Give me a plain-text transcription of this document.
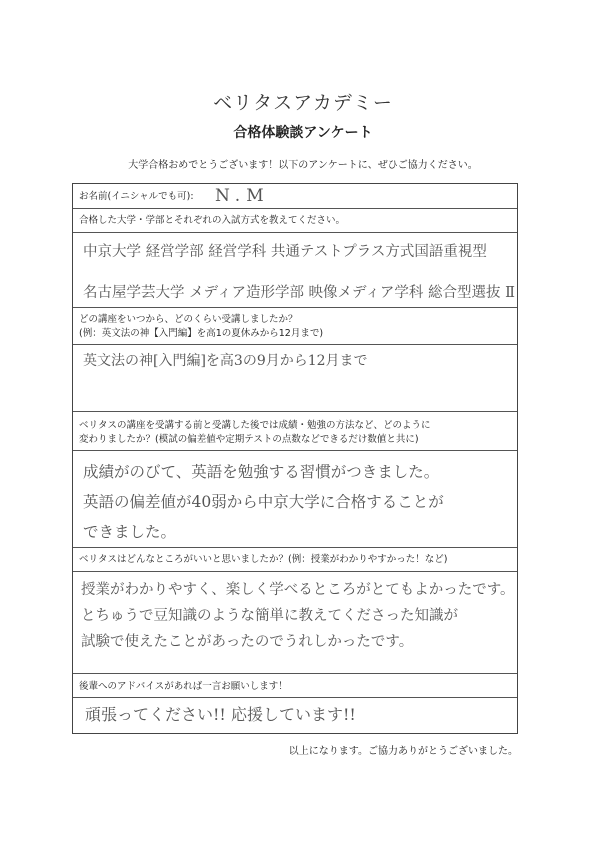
ベリタスアカデミー
合格体験談アンケート
大学合格おめでとうございます！以下のアンケートに、ぜひご協力ください。
お名前(イニシャルでも可): N.M
合格した大学・学部とそれぞれの入試方式を教えてください。
中京大学 経営学部 経営学科 共通テストプラス方式国語重視型
名古屋学芸大学 メディア造形学部 映像メディア学科 総合型選抜 Ⅱ
どの講座をいつから、どのくらい受講しましたか？
(例：英文法の神【入門編】を高1の夏休みから12月まで)
英文法の神[入門編]を高3の9月から12月まで
ベリタスの講座を受講する前と受講した後では成績・勉強の方法など、どのように
変わりましたか？(模試の偏差値や定期テストの点数などできるだけ数値と共に)
成績がのびて、英語を勉強する習慣がつきました。
英語の偏差値が40弱から中京大学に合格することが
できました。
ベリタスはどんなところがいいと思いましたか？(例：授業がわかりやすかった！など)
授業がわかりやすく、楽しく学べるところがとてもよかったです。
とちゅうで豆知識のような簡単に教えてくださった知識が
試験で使えたことがあったのでうれしかったです。
後輩へのアドバイスがあれば一言お願いします！
頑張ってください!! 応援しています!!
以上になります。ご協力ありがとうございました。
